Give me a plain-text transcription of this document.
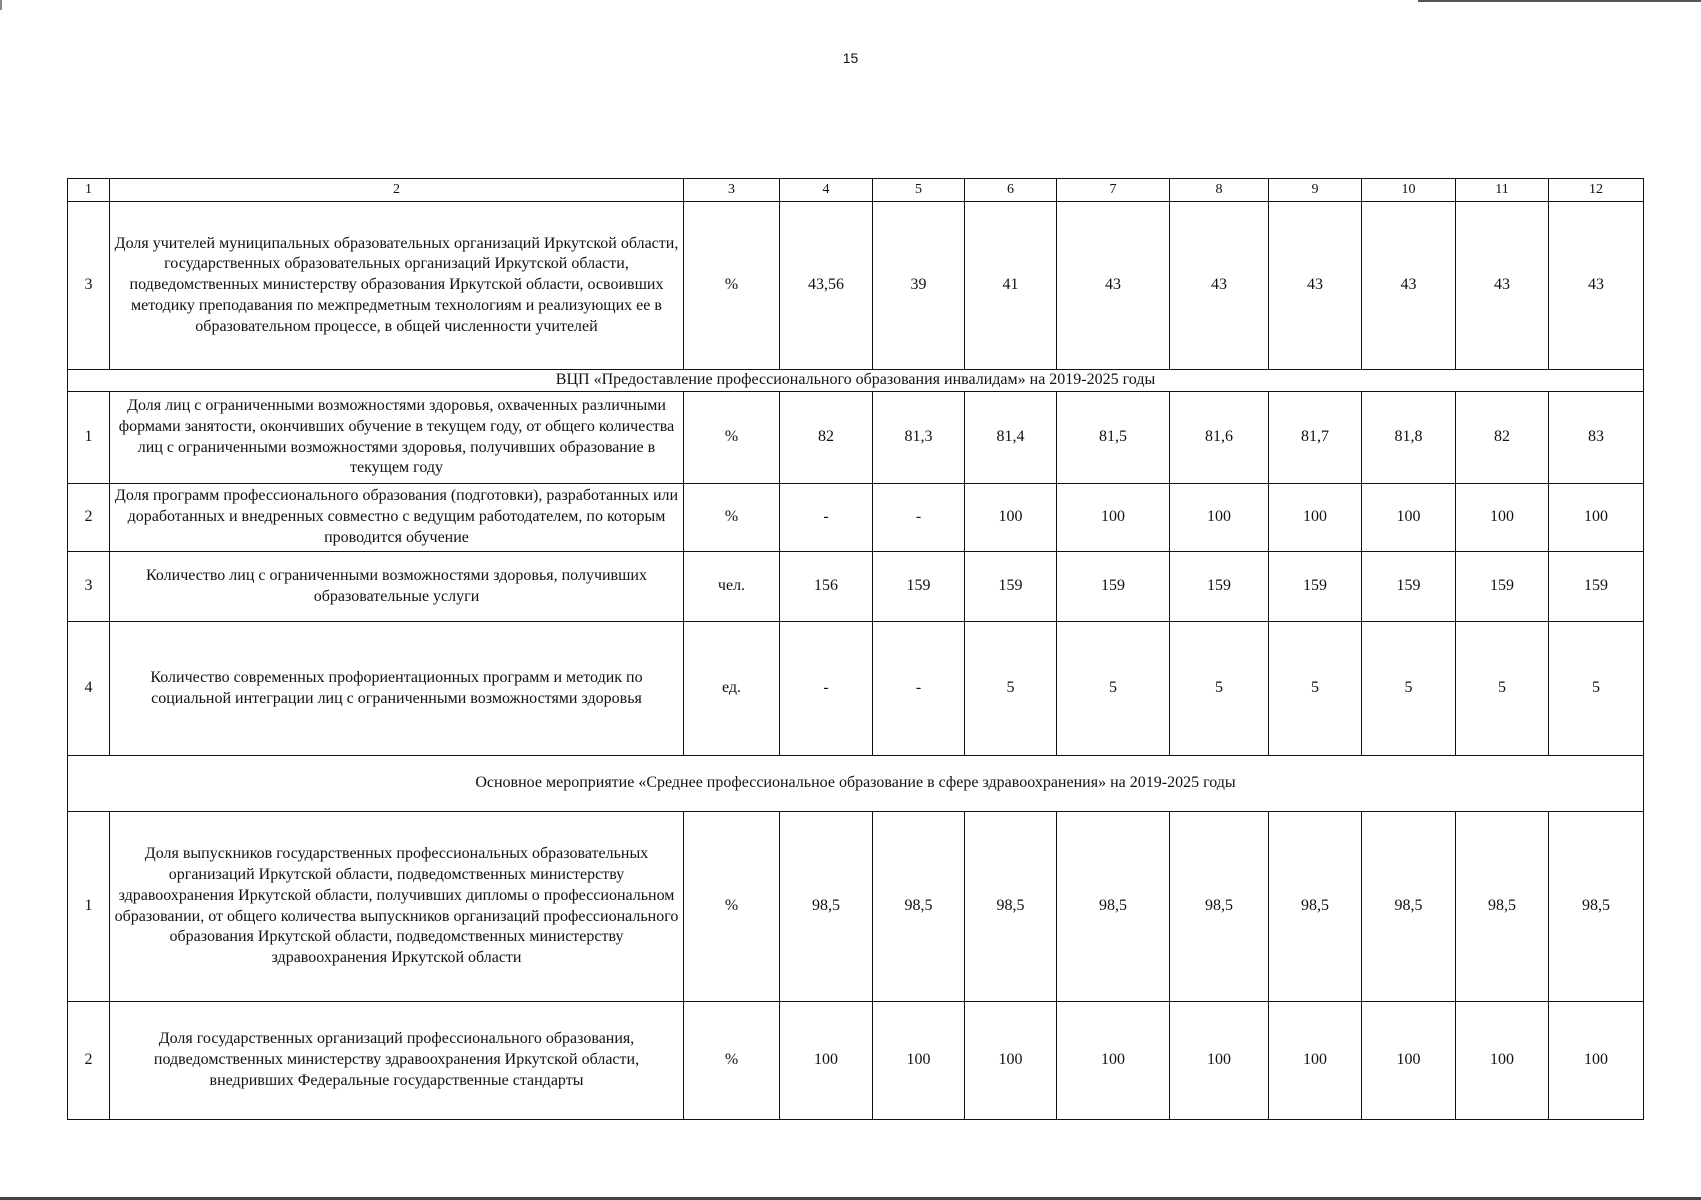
15
1	2	3	4	5	6	7	8	9	10	11	12
3	Доля учителей муниципальных образовательных организаций Иркутской области, государственных образовательных организаций Иркутской области, подведомственных министерству образования Иркутской области, освоивших методику преподавания по межпредметным технологиям и реализующих ее в образовательном процессе, в общей численности учителей	%	43,56	39	41	43	43	43	43	43	43
ВЦП «Предоставление профессионального образования инвалидам» на 2019-2025 годы											
1	Доля лиц с ограниченными возможностями здоровья, охваченных различными формами занятости, окончивших обучение в текущем году, от общего количества лиц с ограниченными возможностями здоровья, получивших образование в текущем году	%	82	81,3	81,4	81,5	81,6	81,7	81,8	82	83
2	Доля программ профессионального образования (подготовки), разработанных или доработанных и внедренных совместно с ведущим работодателем, по которым проводится обучение	%	-	-	100	100	100	100	100	100	100
3	Количество лиц с ограниченными возможностями здоровья, получивших образовательные услуги	чел.	156	159	159	159	159	159	159	159	159
4	Количество современных профориентационных программ и методик по социальной интеграции лиц с ограниченными возможностями здоровья	ед.	-	-	5	5	5	5	5	5	5
Основное мероприятие «Среднее профессиональное образование в сфере здравоохранения» на 2019-2025 годы											
1	Доля выпускников государственных профессиональных образовательных организаций Иркутской области, подведомственных министерству здравоохранения Иркутской области, получивших дипломы о профессиональном образовании, от общего количества выпускников организаций профессионального образования Иркутской области, подведомственных министерству здравоохранения Иркутской области	%	98,5	98,5	98,5	98,5	98,5	98,5	98,5	98,5	98,5
2	Доля государственных организаций профессионального образования, подведомственных министерству здравоохранения Иркутской области, внедривших Федеральные государственные стандарты	%	100	100	100	100	100	100	100	100	100
